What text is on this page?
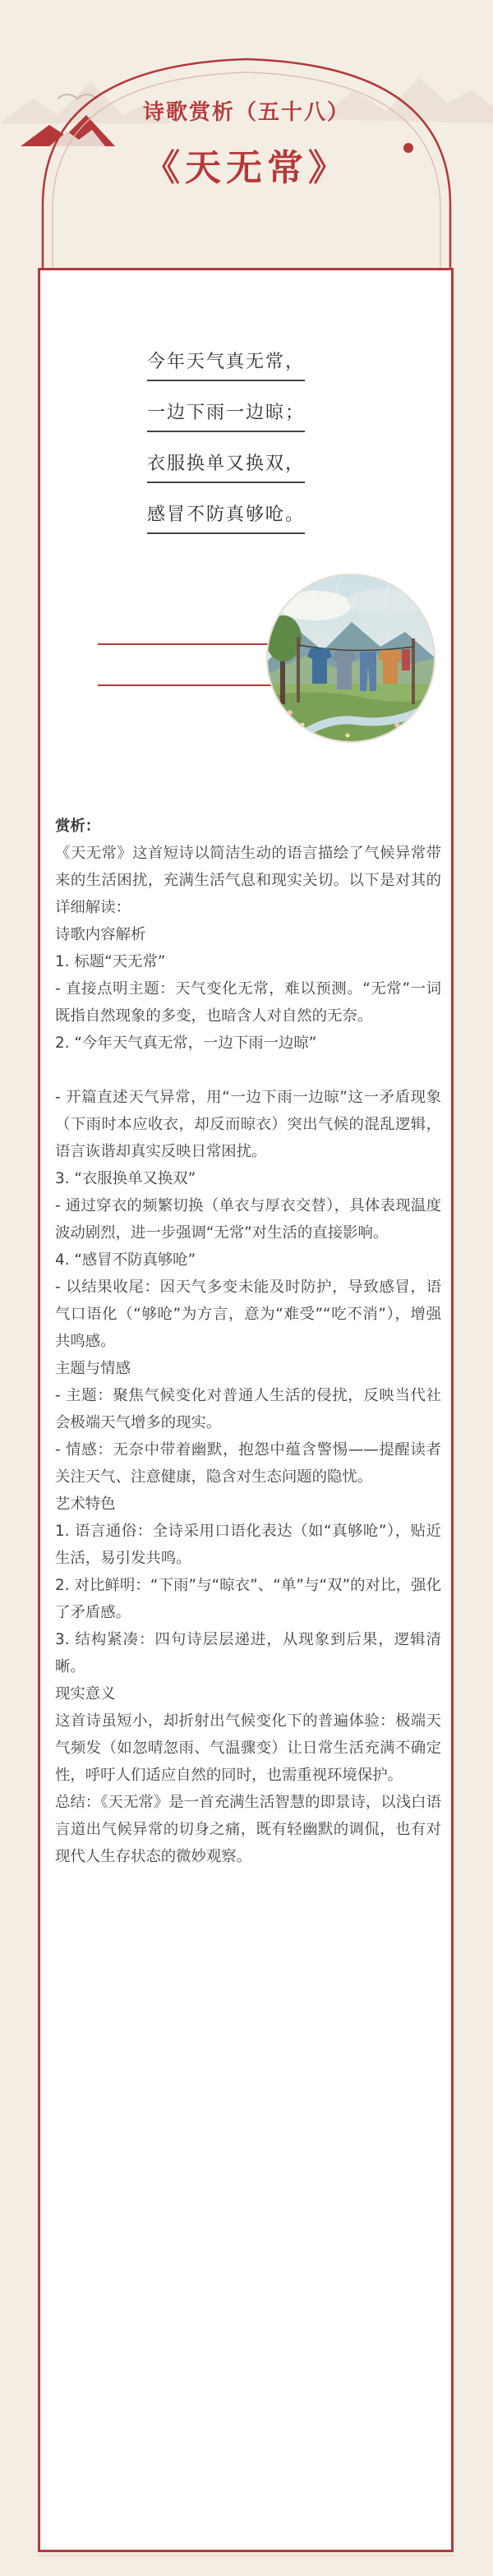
诗歌赏析（五十八）
《天无常》
今年天气真无常，
一边下雨一边晾；
衣服换单又换双，
感冒不防真够呛。

赏析：

《天无常》这首短诗以简洁生动的语言描绘了气候异常带来的生活困扰，充满生活气息和现实关切。以下是对其的详细解读：

诗歌内容解析

1. 标题“天无常”

- 直接点明主题：天气变化无常，难以预测。“无常”一词既指自然现象的多变，也暗含人对自然的无奈。

2. “今年天气真无常，一边下雨一边晾”

- 开篇直述天气异常，用“一边下雨一边晾”这一矛盾现象（下雨时本应收衣，却反而晾衣）突出气候的混乱逻辑，语言诙谐却真实反映日常困扰。

3. “衣服换单又换双”

- 通过穿衣的频繁切换（单衣与厚衣交替），具体表现温度波动剧烈，进一步强调“无常”对生活的直接影响。

4. “感冒不防真够呛”

- 以结果收尾：因天气多变未能及时防护，导致感冒，语气口语化（“够呛”为方言，意为“难受”“吃不消”），增强共鸣感。

主题与情感

- 主题：聚焦气候变化对普通人生活的侵扰，反映当代社会极端天气增多的现实。

- 情感：无奈中带着幽默，抱怨中蕴含警惕——提醒读者关注天气、注意健康，隐含对生态问题的隐忧。

艺术特色

1. 语言通俗：全诗采用口语化表达（如“真够呛”），贴近生活，易引发共鸣。

2. 对比鲜明：“下雨”与“晾衣”、“单”与“双”的对比，强化了矛盾感。

3. 结构紧凑：四句诗层层递进，从现象到后果，逻辑清晰。

现实意义

这首诗虽短小，却折射出气候变化下的普遍体验：极端天气频发（如忽晴忽雨、气温骤变）让日常生活充满不确定性，呼吁人们适应自然的同时，也需重视环境保护。

总结：《天无常》是一首充满生活智慧的即景诗，以浅白语言道出气候异常的切身之痛，既有轻幽默的调侃，也有对现代人生存状态的微妙观察。
